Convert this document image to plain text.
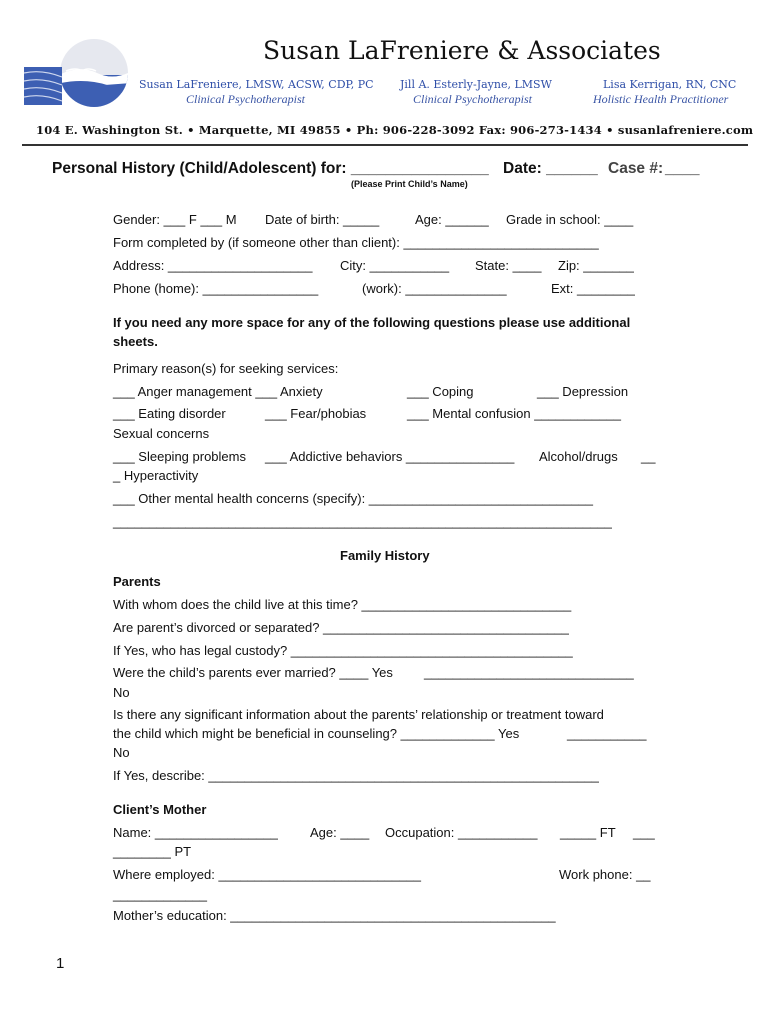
Susan LaFreniere & Associates
Susan LaFreniere, LMSW, ACSW, CDP, PC
Clinical Psychotherapist
Jill A. Esterly-Jayne, LMSW
Clinical Psychotherapist
Lisa Kerrigan, RN, CNC
Holistic Health Practitioner
104 E. Washington St. • Marquette, MI 49855 • Ph: 906-228-3092 Fax: 906-273-1434 • susanlafreniere.com
Personal History (Child/Adolescent) for: ________________ Date: ______ Case #: ____
(Please Print Child’s Name)
Gender: ___ F ___ M Date of birth: _____	Age: ______ Grade in school: ____
Form completed by (if someone other than client): ___________________________
Address: ____________________ City: ___________ State: ____ Zip: _______
Phone (home): ________________	(work): ______________	Ext: ________
If you need any more space for any of the following questions please use additional
sheets.
Primary reason(s) for seeking services:
___ Anger management ___ Anxiety	___ Coping	___ Depression
___ Eating disorder	___ Fear/phobias	___ Mental confusion ____________
Sexual concerns
___ Sleeping problems ___ Addictive behaviors _______________ Alcohol/drugs __
_ Hyperactivity
___ Other mental health concerns (specify): _______________________________
_____________________________________________________________________
Family History
Parents
With whom does the child live at this time? _____________________________
Are parent’s divorced or separated? __________________________________
If Yes, who has legal custody? _______________________________________
Were the child’s parents ever married? ____ Yes _____________________________
No
Is there any significant information about the parents’ relationship or treatment toward
the child which might be beneficial in counseling? _____________ Yes	___________
No
If Yes, describe: ______________________________________________________
Client’s Mother
Name: _________________ Age: ____ Occupation: ___________ _____ FT ___
________ PT
Where employed: ____________________________	Work phone: __
_____________
Mother’s education: _____________________________________________
1
